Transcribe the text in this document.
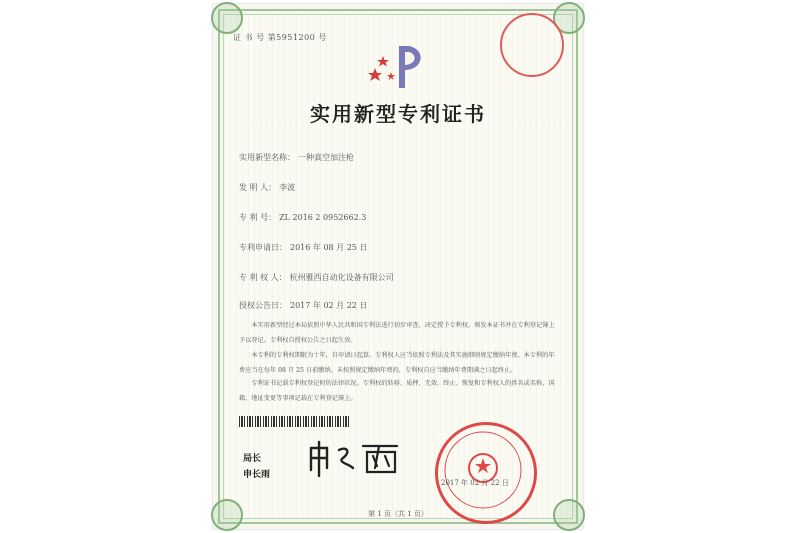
证 书 号 第5951200 号
实用新型专利证书
实用新型名称： 一种真空加注枪
发 明 人： 李波
专 利 号： ZL 2016 2 0952662.3
专利申请日： 2016 年 08 月 25 日
专 利 权 人： 杭州雅西自动化设备有限公司
授权公告日： 2017 年 02 月 22 日
本实用新型经过本局依照中华人民共和国专利法进行初步审查，决定授予专利权，颁发本证书并在专利登记簿上予以登记。专利权自授权公告之日起生效。
本专利的专利权期限为十年，自申请日起算。专利权人应当依照专利法及其实施细则规定缴纳年费。本专利的年费应当在每年 08 月 25 日前缴纳。未按照规定缴纳年费的，专利权自应当缴纳年费期满之日起终止。
专利证书记载专利权登记时的法律状况。专利权的转移、质押、无效、终止、恢复和专利权人的姓名或名称、国籍、地址变更等事项记载在专利登记簿上。
局长
申长雨
2017 年 02 月 22 日
第 1 页（共 1 页）
